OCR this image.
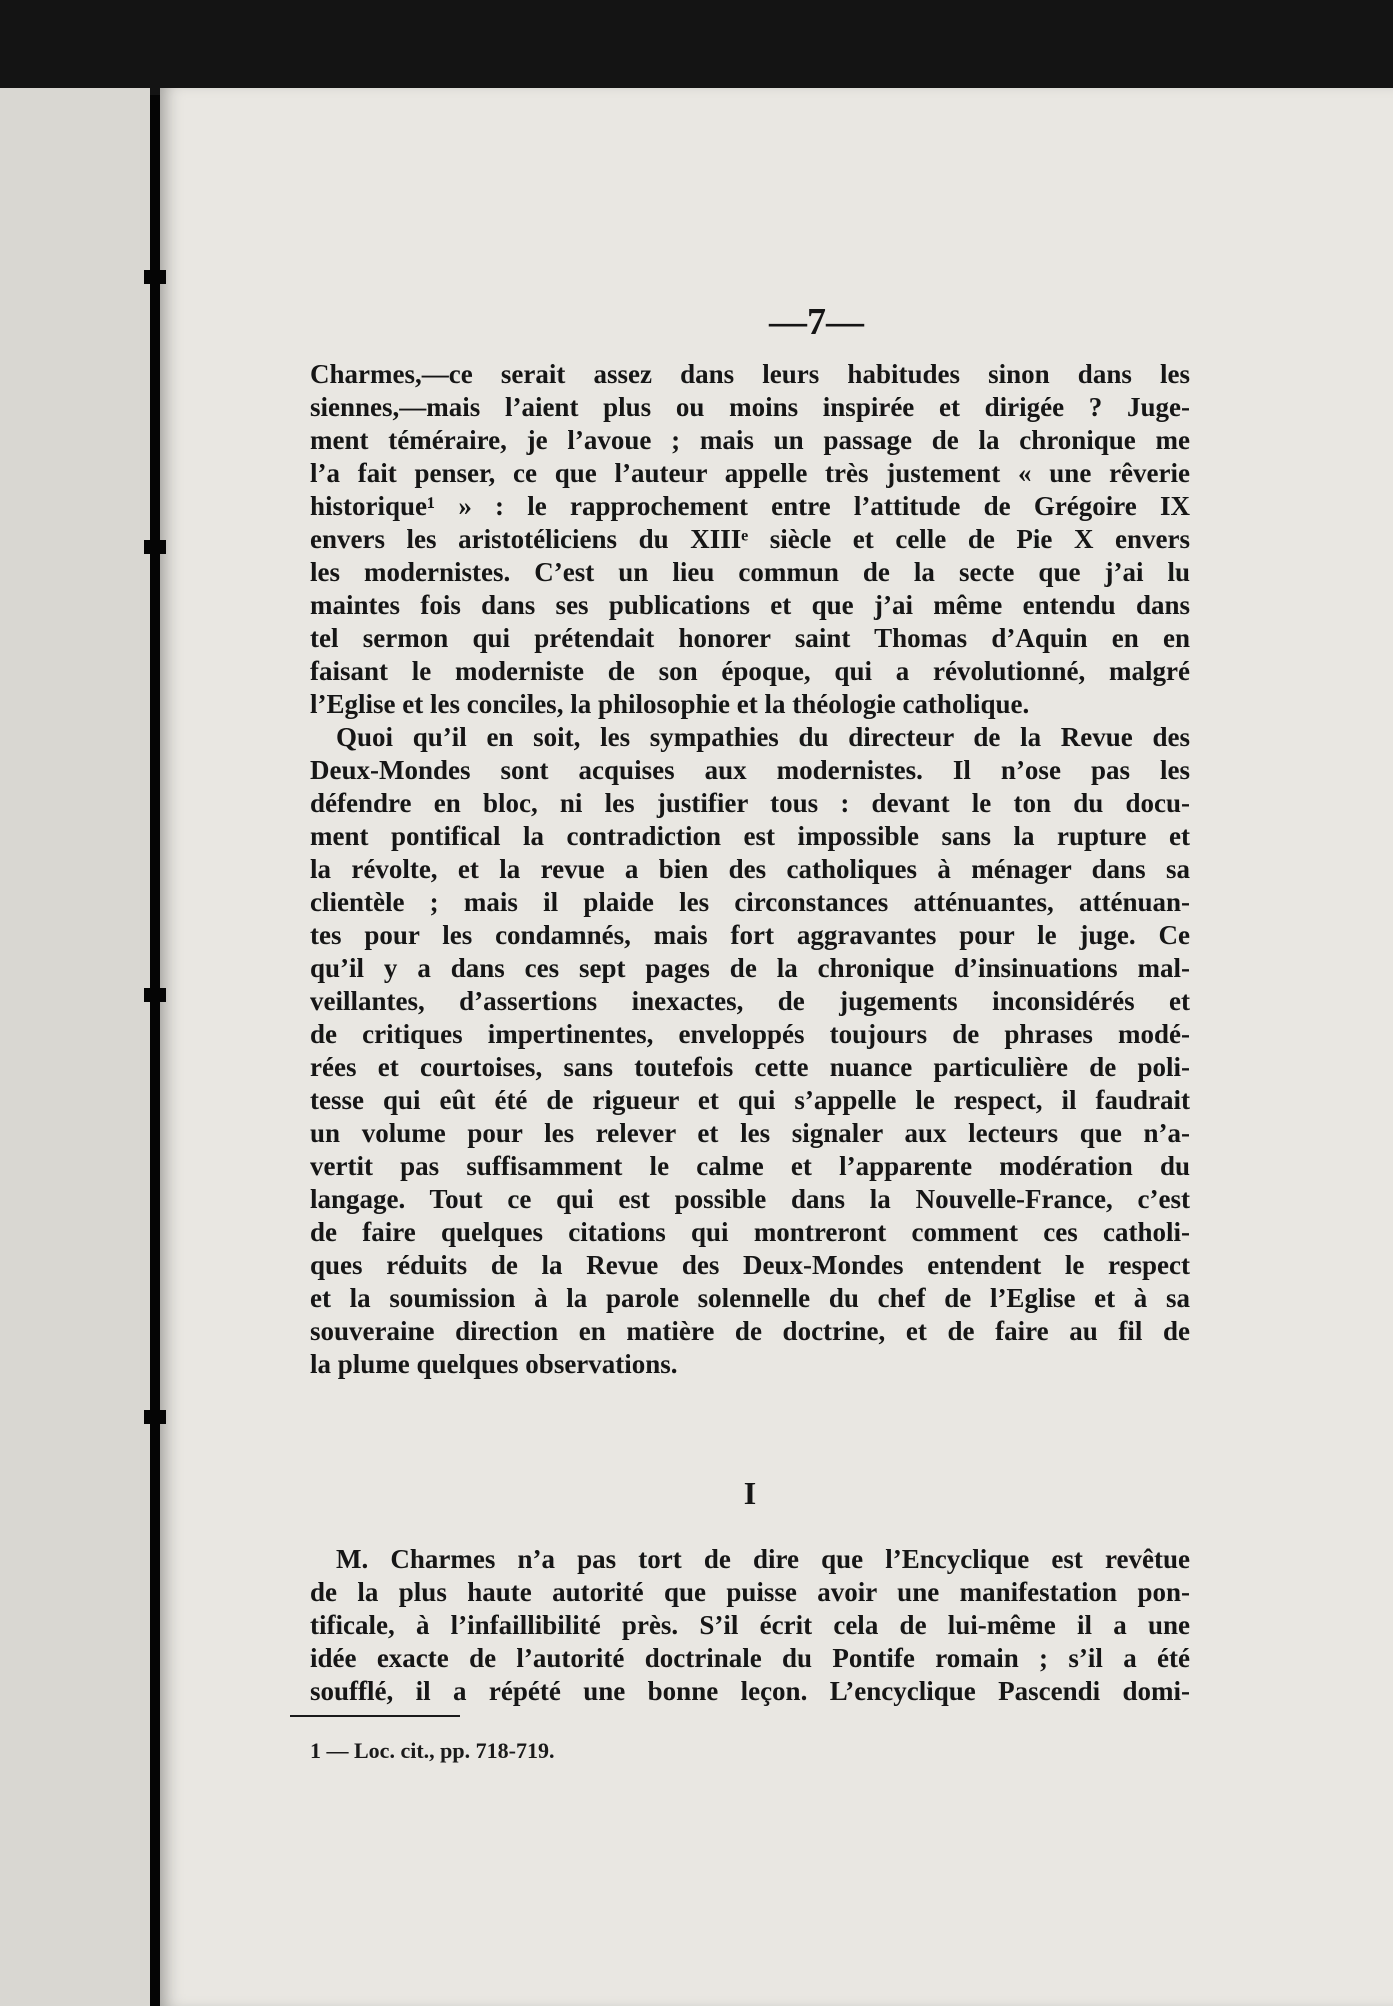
—7—
Charmes,—ce serait assez dans leurs habitudes sinon dans les
siennes,—mais l’aient plus ou moins inspirée et dirigée ? Juge-
ment téméraire, je l’avoue ; mais un passage de la chronique me
l’a fait penser, ce que l’auteur appelle très justement « une rêverie
historique¹ » : le rapprochement entre l’attitude de Grégoire IX
envers les aristotéliciens du XIIIᵉ siècle et celle de Pie X envers
les modernistes. C’est un lieu commun de la secte que j’ai lu
maintes fois dans ses publications et que j’ai même entendu dans
tel sermon qui prétendait honorer saint Thomas d’Aquin en en
faisant le moderniste de son époque, qui a révolutionné, malgré
l’Eglise et les conciles, la philosophie et la théologie catholique.
Quoi qu’il en soit, les sympathies du directeur de la Revue des
Deux-Mondes sont acquises aux modernistes. Il n’ose pas les
défendre en bloc, ni les justifier tous : devant le ton du docu-
ment pontifical la contradiction est impossible sans la rupture et
la révolte, et la revue a bien des catholiques à ménager dans sa
clientèle ; mais il plaide les circonstances atténuantes, atténuan-
tes pour les condamnés, mais fort aggravantes pour le juge. Ce
qu’il y a dans ces sept pages de la chronique d’insinuations mal-
veillantes, d’assertions inexactes, de jugements inconsidérés et
de critiques impertinentes, enveloppés toujours de phrases modé-
rées et courtoises, sans toutefois cette nuance particulière de poli-
tesse qui eût été de rigueur et qui s’appelle le respect, il faudrait
un volume pour les relever et les signaler aux lecteurs que n’a-
vertit pas suffisamment le calme et l’apparente modération du
langage. Tout ce qui est possible dans la Nouvelle-France, c’est
de faire quelques citations qui montreront comment ces catholi-
ques réduits de la Revue des Deux-Mondes entendent le respect
et la soumission à la parole solennelle du chef de l’Eglise et à sa
souveraine direction en matière de doctrine, et de faire au fil de
la plume quelques observations.
I
M. Charmes n’a pas tort de dire que l’Encyclique est revêtue
de la plus haute autorité que puisse avoir une manifestation pon-
tificale, à l’infaillibilité près. S’il écrit cela de lui-même il a une
idée exacte de l’autorité doctrinale du Pontife romain ; s’il a été
soufflé, il a répété une bonne leçon. L’encyclique Pascendi domi-
1 — Loc. cit., pp. 718-719.
